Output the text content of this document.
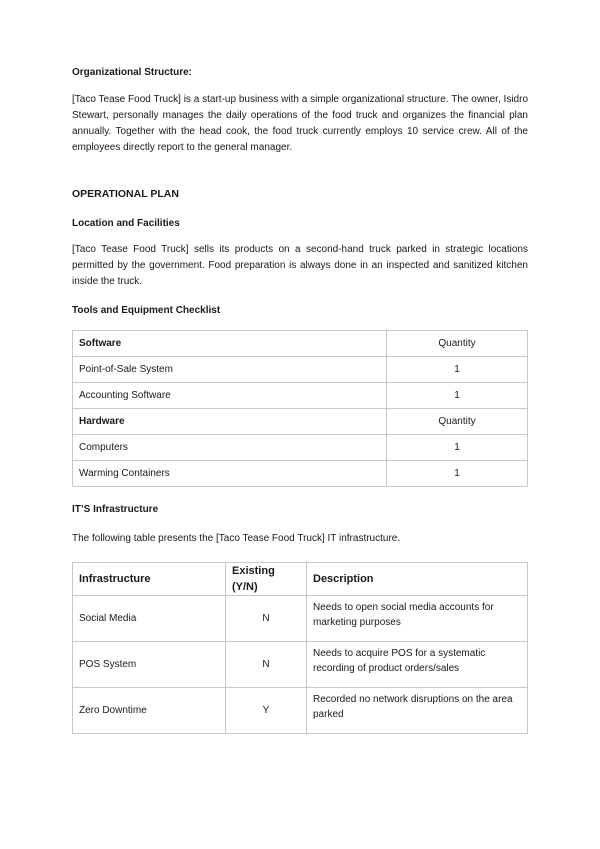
Organizational Structure:

[Taco Tease Food Truck] is a start-up business with a simple organizational structure. The owner, Isidro Stewart, personally manages the daily operations of the food truck and organizes the financial plan annually. Together with the head cook, the food truck currently employs 10 service crew. All of the employees directly report to the general manager.

OPERATIONAL PLAN
Location and Facilities

[Taco Tease Food Truck] sells its products on a second-hand truck parked in strategic locations permitted by the government. Food preparation is always done in an inspected and sanitized kitchen inside the truck.

Tools and Equipment Checklist
Software	Quantity
Point-of-Sale System	1
Accounting Software	1
Hardware	Quantity
Computers	1
Warming Containers	1
IT’S Infrastructure

The following table presents the [Taco Tease Food Truck] IT infrastructure.

Infrastructure	Existing (Y/N)	Description
Social Media	N	Needs to open social media accounts for marketing purposes
POS System	N	Needs to acquire POS for a systematic recording of product orders/sales
Zero Downtime	Y	Recorded no network disruptions on the area parked
